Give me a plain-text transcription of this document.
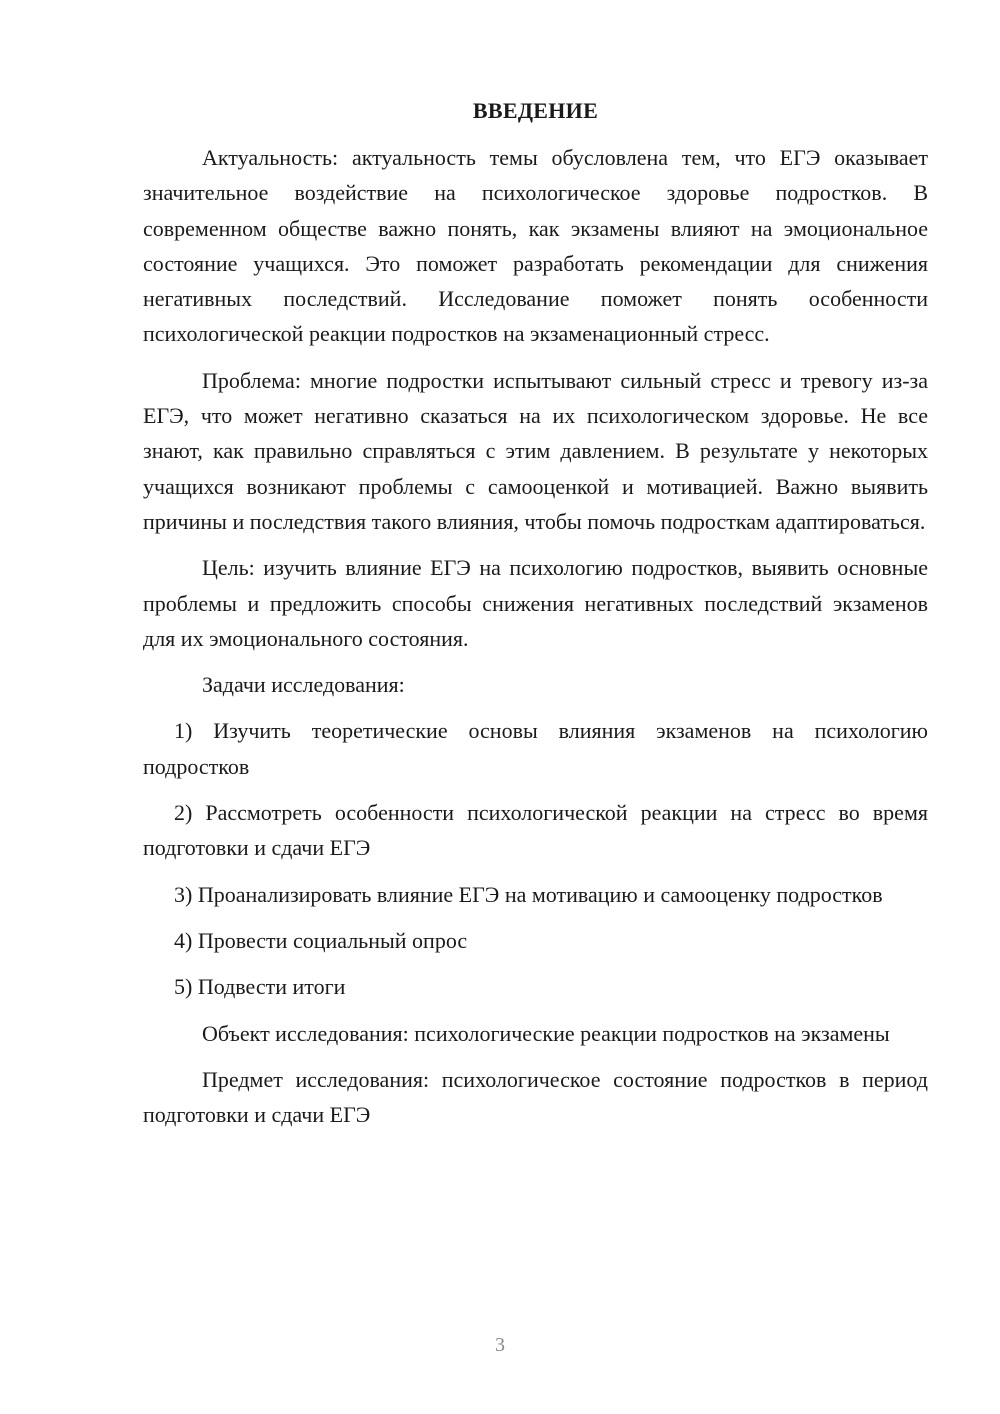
ВВЕДЕНИЕ

Актуальность: актуальность темы обусловлена тем, что ЕГЭ оказывает значительное воздействие на психологическое здоровье подростков. В современном обществе важно понять, как экзамены влияют на эмоциональное состояние учащихся. Это поможет разработать рекомендации для снижения негативных последствий. Исследование поможет понять особенности психологической реакции подростков на экзаменационный стресс.

Проблема: многие подростки испытывают сильный стресс и тревогу из-за ЕГЭ, что может негативно сказаться на их психологическом здоровье. Не все знают, как правильно справляться с этим давлением. В результате у некоторых учащихся возникают проблемы с самооценкой и мотивацией. Важно выявить причины и последствия такого влияния, чтобы помочь подросткам адаптироваться.

Цель: изучить влияние ЕГЭ на психологию подростков, выявить основные проблемы и предложить способы снижения негативных последствий экзаменов для их эмоционального состояния.

Задачи исследования:

1) Изучить теоретические основы влияния экзаменов на психологию подростков

2) Рассмотреть особенности психологической реакции на стресс во время подготовки и сдачи ЕГЭ

3) Проанализировать влияние ЕГЭ на мотивацию и самооценку подростков

4) Провести социальный опрос

5) Подвести итоги

Объект исследования: психологические реакции подростков на экзамены

Предмет исследования: психологическое состояние подростков в период подготовки и сдачи ЕГЭ

3
